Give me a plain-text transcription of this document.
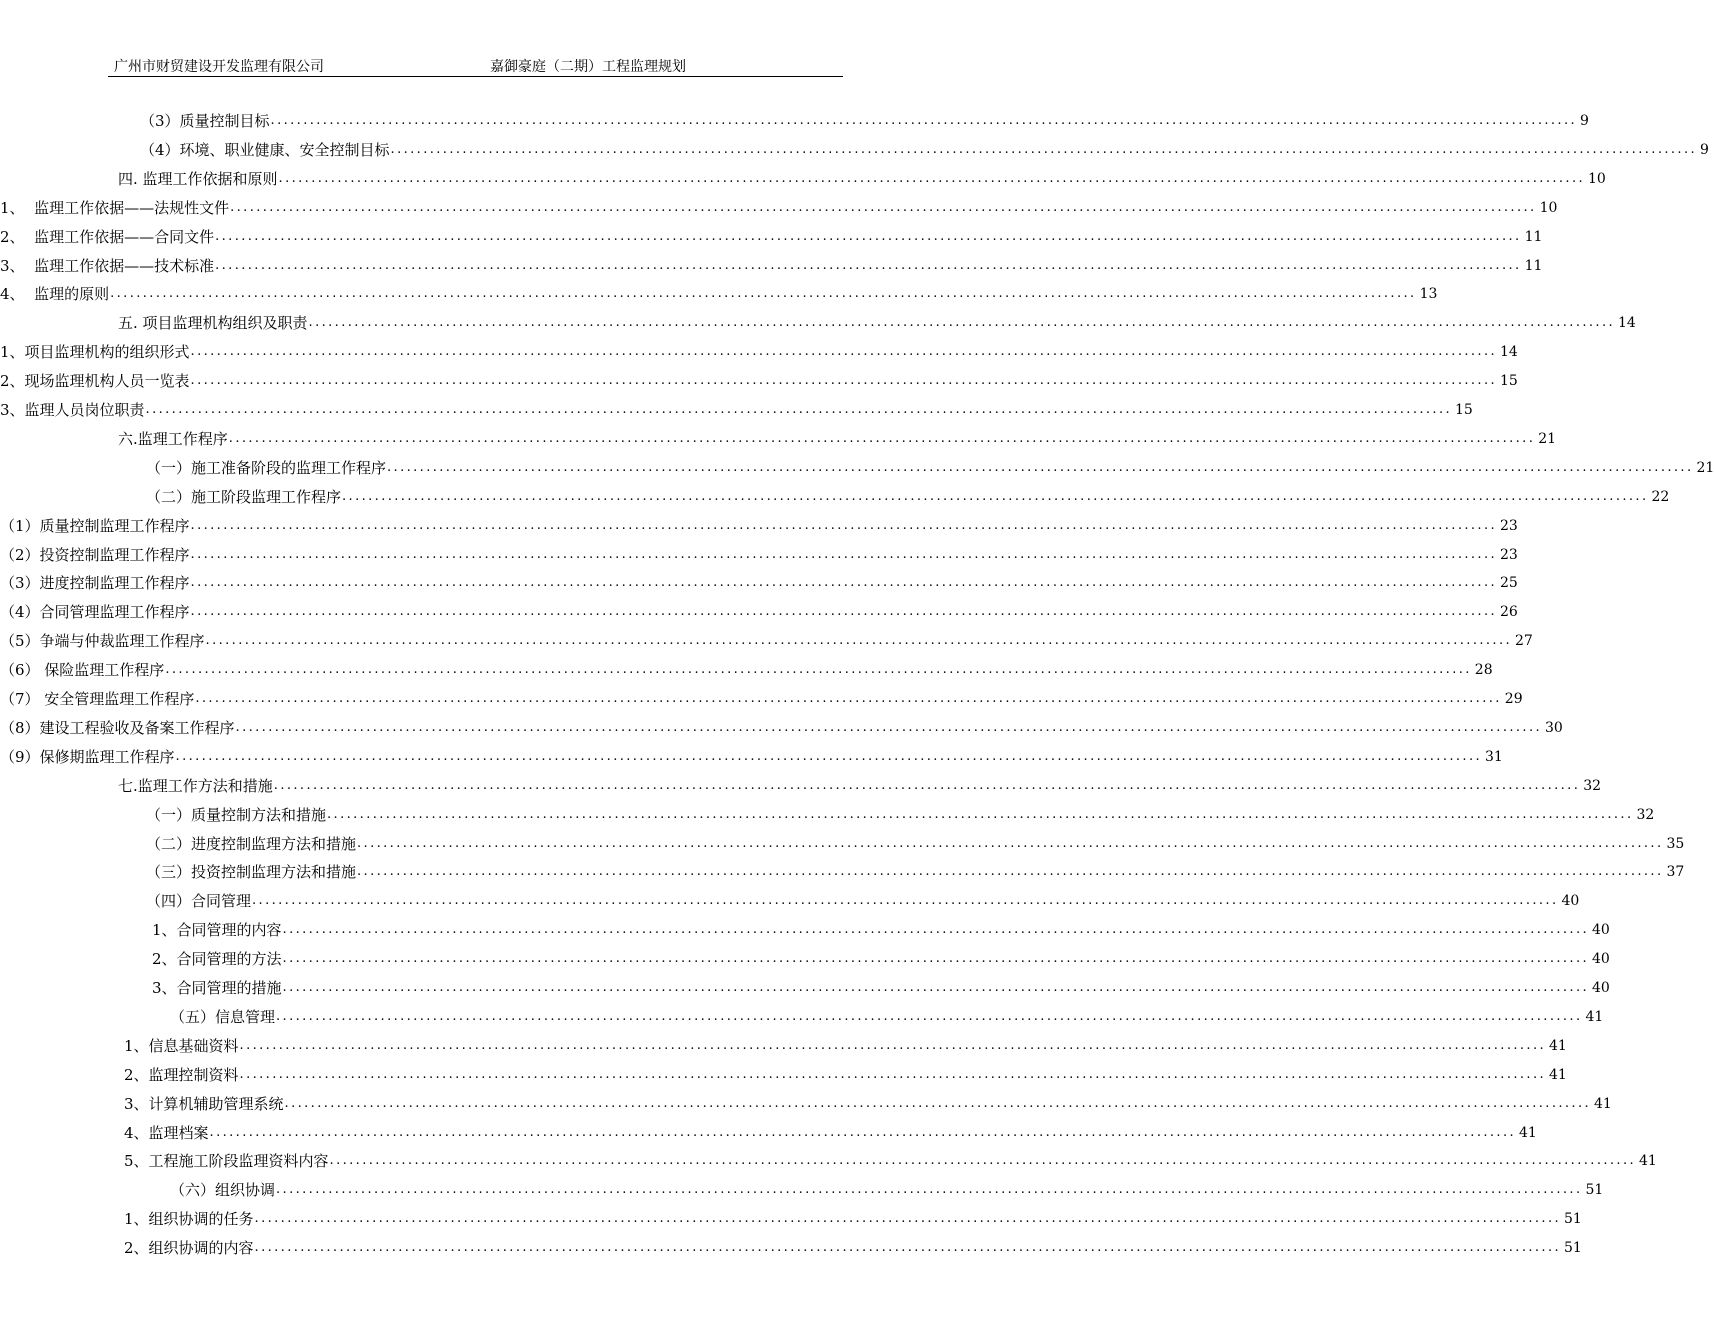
广州市财贸建设开发监理有限公司	嘉御豪庭（二期）工程监理规划
（3）质量控制目标 ........................................................................................................................................................................................................ 9
（4）环境、职业健康、安全控制目标 ........................................................................................................................................................................................................ 9
四. 监理工作依据和原则 ........................................................................................................................................................................................................ 10
1、  监理工作依据——法规性文件 ........................................................................................................................................................................................................ 10
2、  监理工作依据——合同文件 ........................................................................................................................................................................................................ 11
3、  监理工作依据——技术标准 ........................................................................................................................................................................................................ 11
4、  监理的原则 ........................................................................................................................................................................................................ 13
五. 项目监理机构组织及职责 ........................................................................................................................................................................................................ 14
1、项目监理机构的组织形式 ........................................................................................................................................................................................................ 14
2、现场监理机构人员一览表 ........................................................................................................................................................................................................ 15
3、监理人员岗位职责 ........................................................................................................................................................................................................ 15
六.监理工作程序 ........................................................................................................................................................................................................ 21
（一）施工准备阶段的监理工作程序 ........................................................................................................................................................................................................ 21
（二）施工阶段监理工作程序 ........................................................................................................................................................................................................ 22
（1）质量控制监理工作程序 ........................................................................................................................................................................................................ 23
（2）投资控制监理工作程序 ........................................................................................................................................................................................................ 23
（3）进度控制监理工作程序 ........................................................................................................................................................................................................ 25
（4）合同管理监理工作程序 ........................................................................................................................................................................................................ 26
（5）争端与仲裁监理工作程序 ........................................................................................................................................................................................................ 27
（6） 保险监理工作程序 ........................................................................................................................................................................................................ 28
（7） 安全管理监理工作程序 ........................................................................................................................................................................................................ 29
（8）建设工程验收及备案工作程序 ........................................................................................................................................................................................................ 30
（9）保修期监理工作程序 ........................................................................................................................................................................................................ 31
七.监理工作方法和措施 ........................................................................................................................................................................................................ 32
（一）质量控制方法和措施 ........................................................................................................................................................................................................ 32
（二）进度控制监理方法和措施 ........................................................................................................................................................................................................ 35
（三）投资控制监理方法和措施 ........................................................................................................................................................................................................ 37
（四）合同管理 ........................................................................................................................................................................................................ 40
1、合同管理的内容 ........................................................................................................................................................................................................ 40
2、合同管理的方法 ........................................................................................................................................................................................................ 40
3、合同管理的措施 ........................................................................................................................................................................................................ 40
（五）信息管理 ........................................................................................................................................................................................................ 41
1、信息基础资料 ........................................................................................................................................................................................................ 41
2、监理控制资料 ........................................................................................................................................................................................................ 41
3、计算机辅助管理系统 ........................................................................................................................................................................................................ 41
4、监理档案 ........................................................................................................................................................................................................ 41
5、工程施工阶段监理资料内容 ........................................................................................................................................................................................................ 41
（六）组织协调 ........................................................................................................................................................................................................ 51
1、组织协调的任务 ........................................................................................................................................................................................................ 51
2、组织协调的内容 ........................................................................................................................................................................................................ 51
